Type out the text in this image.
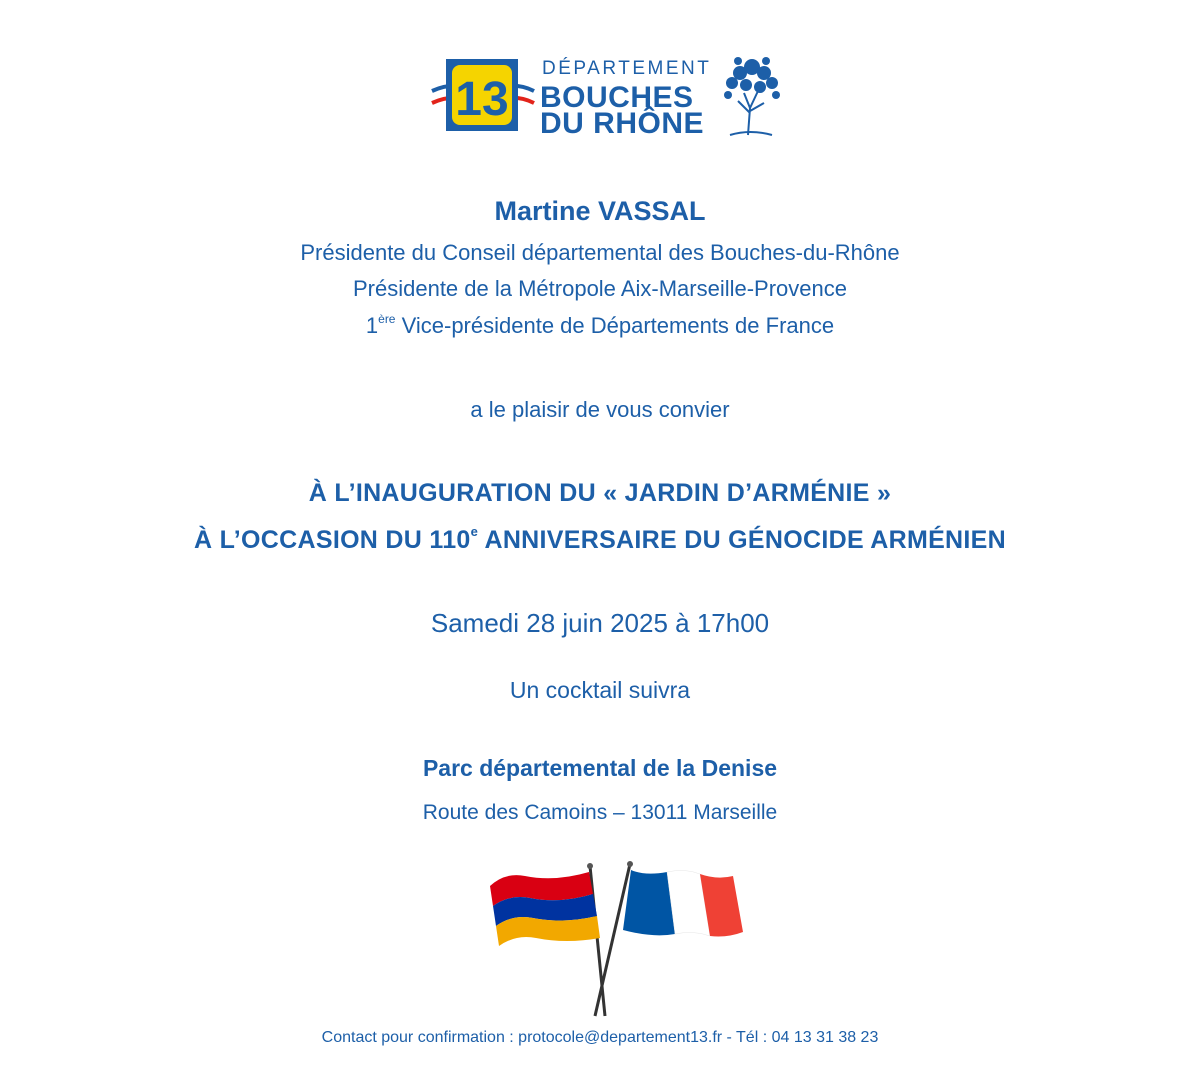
13
DÉPARTEMENT
BOUCHES
DU RHÔNE
Martine VASSAL
Présidente du Conseil départemental des Bouches-du-Rhône
Présidente de la Métropole Aix-Marseille-Provence
1ère Vice-présidente de Départements de France
a le plaisir de vous convier
À L’INAUGURATION DU « JARDIN D’ARMÉNIE »
À L’OCCASION DU 110e ANNIVERSAIRE DU GÉNOCIDE ARMÉNIEN
Samedi 28 juin 2025 à 17h00
Un cocktail suivra
Parc départemental de la Denise
Route des Camoins – 13011 Marseille
Contact pour confirmation : protocole@departement13.fr - Tél : 04 13 31 38 23
